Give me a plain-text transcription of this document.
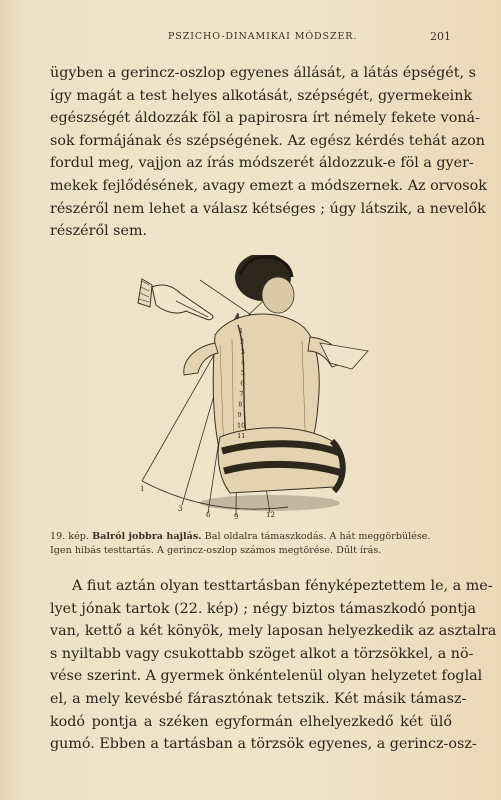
PSZICHO-DINAMIKAI MÓDSZER.	201

ügyben a gerincz-oszlop egyenes állását, a látás épségét, s
így magát a test helyes alkotását, szépségét, gyermekeink
egészségét áldozzák föl a papirosra írt némely fekete voná-
sok formájának és szépségének. Az egész kérdés tehát azon
fordul meg, vajjon az írás módszerét áldozzuk-e föl a gyer-
mekek fejlődésének, avagy emezt a módszernek. Az orvosok
részéről nem lehet a válasz kétséges ; úgy látszik, a nevelők
részéről sem.

1
2
3
4
5
6
7
8
9
10
11
12
1
3
6	9	12
19. kép. Balról jobbra hajlás. Bal oldalra támaszkodás. A hát meggörbülése.
Igen hibás testtartás. A gerincz-oszlop számos megtörése. Dűlt írás.

A fiut aztán olyan testtartásban fényképeztettem le, a me-
lyet jónak tartok (22. kép) ; négy biztos támaszkodó pontja
van, kettő a két könyök, mely laposan helyezkedik az asztalra
s nyiltabb vagy csukottabb szöget alkot a törzsökkel, a nö-
vése szerint. A gyermek önkéntelenül olyan helyzetet foglal
el, a mely kevésbé fárasztónak tetszik. Két másik támasz-
kodó pontja a széken egyformán elhelyezkedő két ülő
gumó. Ebben a tartásban a törzsök egyenes, a gerincz-osz-
